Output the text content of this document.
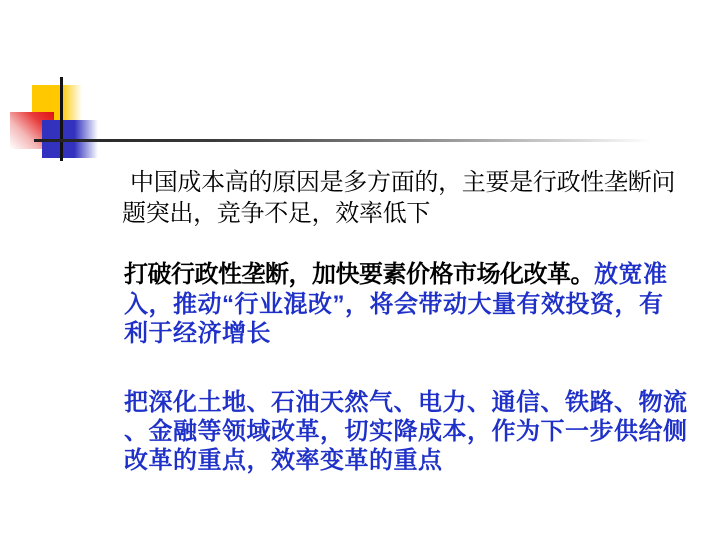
中国成本高的原因是多方面的，主要是行政性垄断问
题突出，竞争不足，效率低下
打破行政性垄断，加快要素价格市场化改革。放宽准
入，推动“行业混改”，将会带动大量有效投资，有
利于经济增长
把深化土地、石油天然气、电力、通信、铁路、物流
、金融等领域改革，切实降成本，作为下一步供给侧
改革的重点，效率变革的重点
